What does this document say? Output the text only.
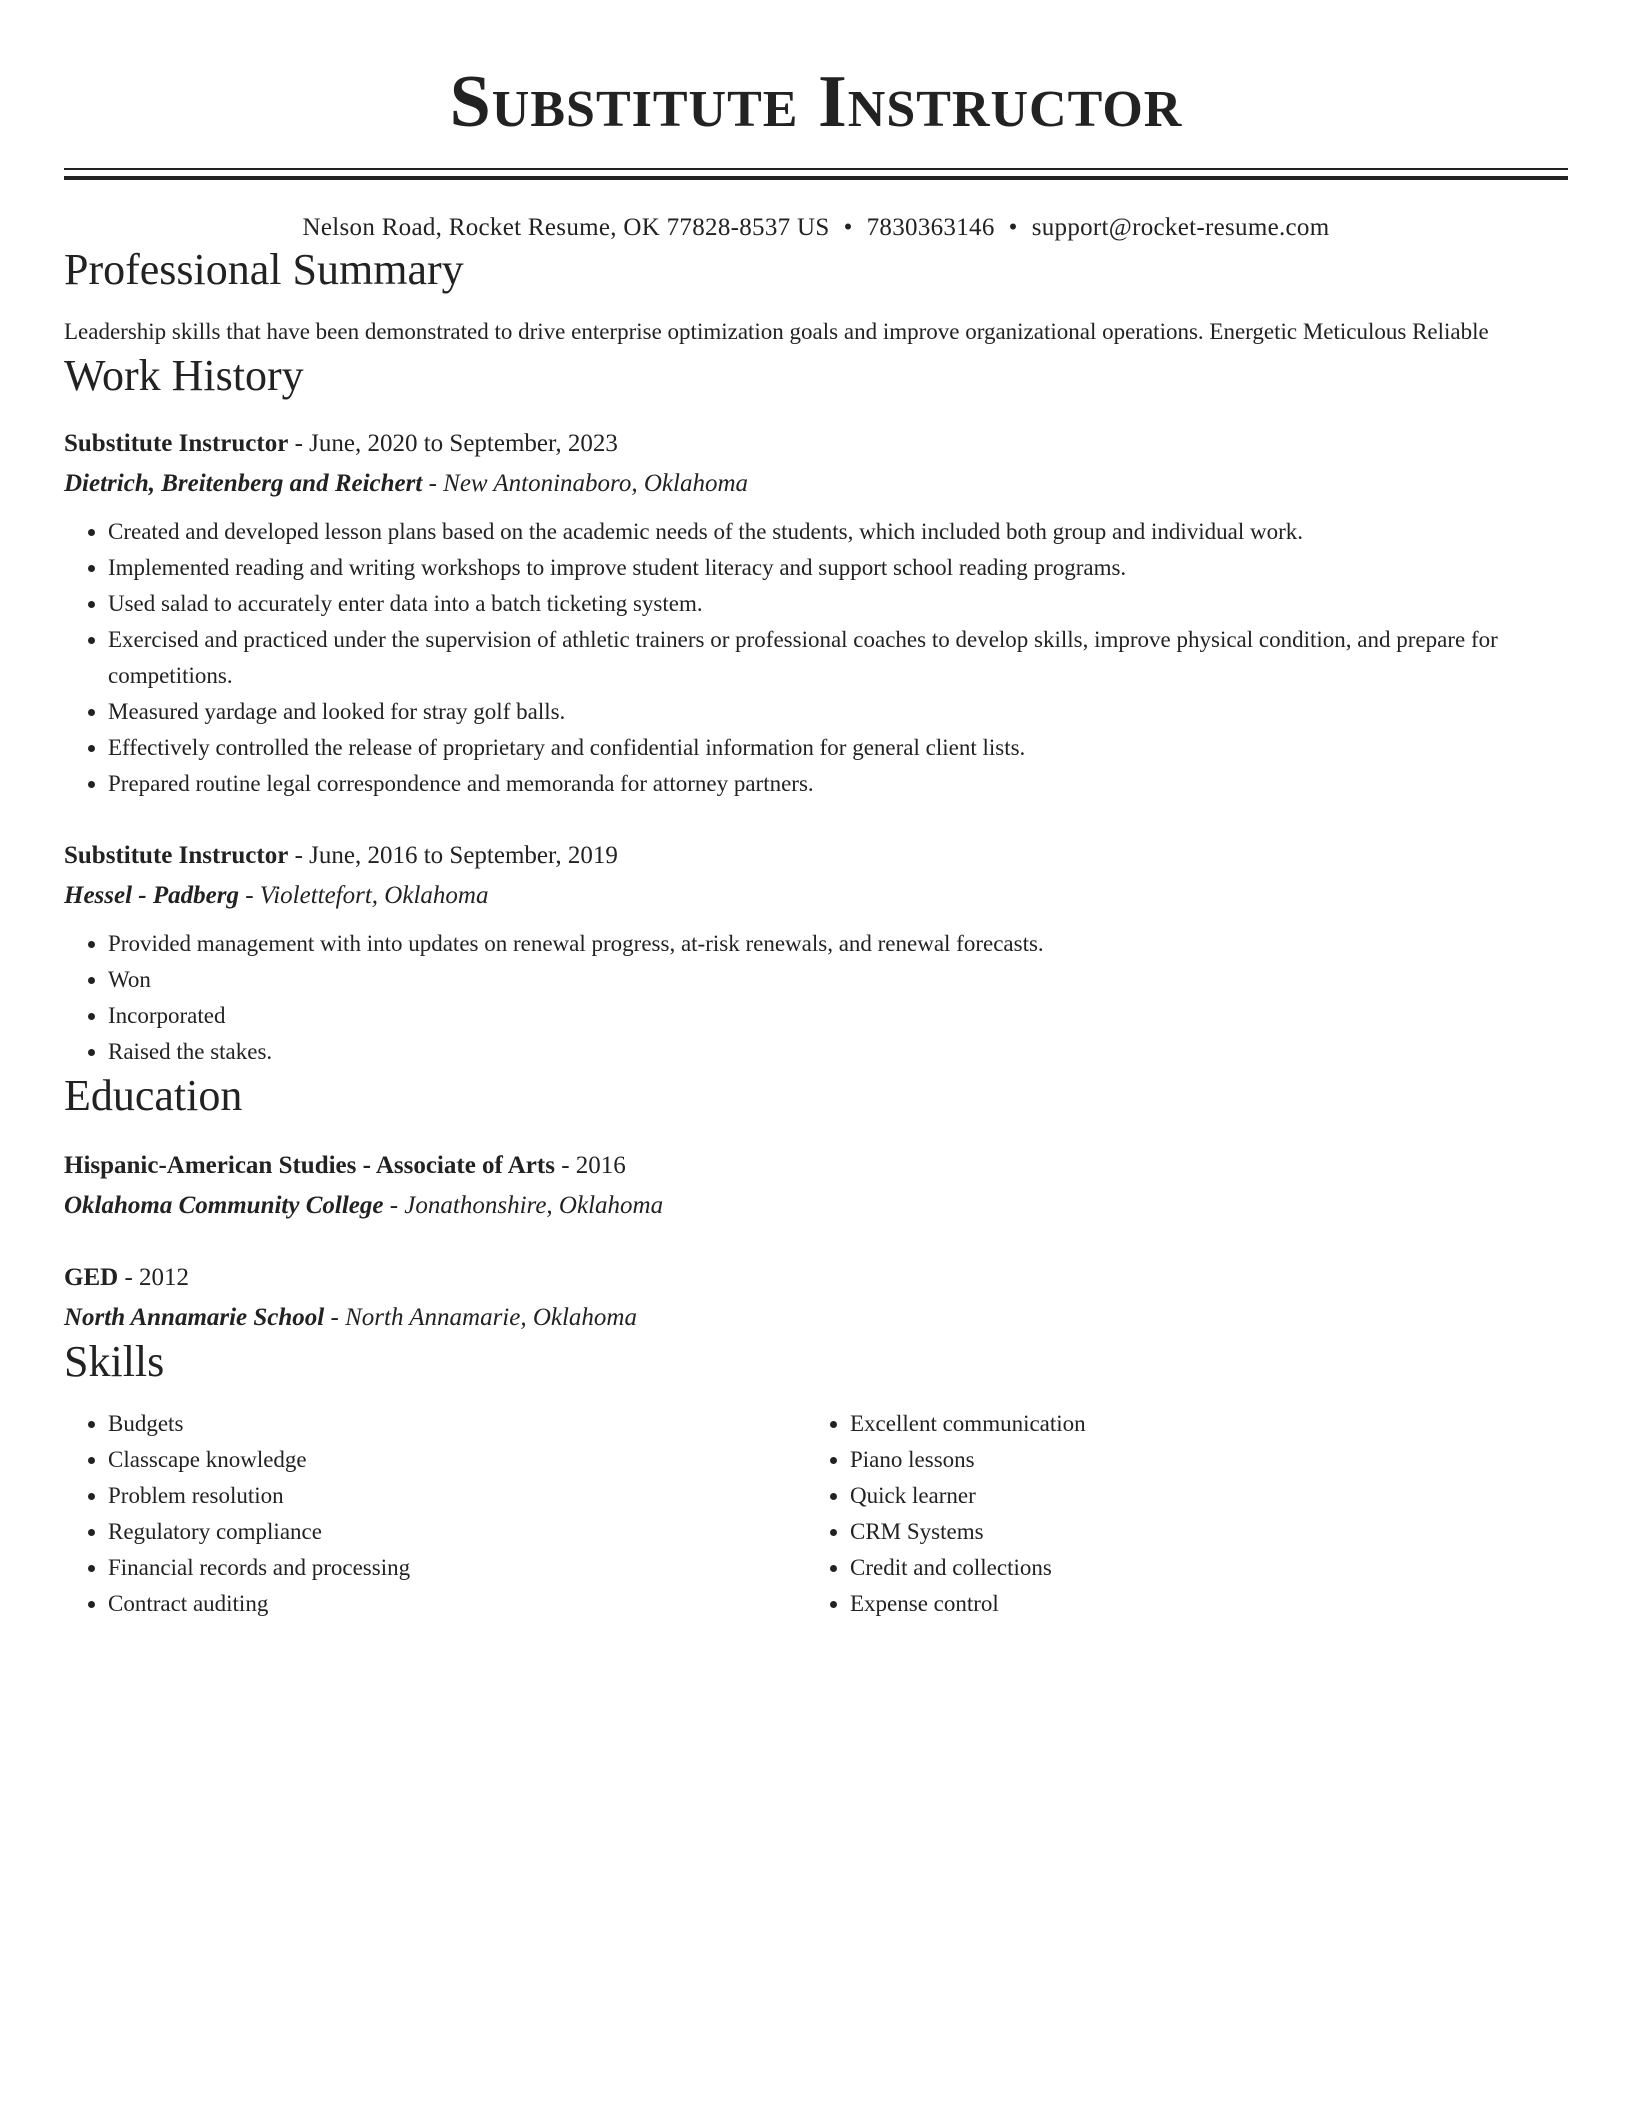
Substitute Instructor
Nelson Road, Rocket Resume, OK 77828-8537 US • 7830363146 • support@rocket-resume.com
Professional Summary

Leadership skills that have been demonstrated to drive enterprise optimization goals and improve organizational operations. Energetic Meticulous Reliable

Work History
Substitute Instructor - June, 2020 to September, 2023
Dietrich, Breitenberg and Reichert - New Antoninaboro, Oklahoma
• Created and developed lesson plans based on the academic needs of the students, which included both group and individual work.
• Implemented reading and writing workshops to improve student literacy and support school reading programs.
• Used salad to accurately enter data into a batch ticketing system.
• Exercised and practiced under the supervision of athletic trainers or professional coaches to develop skills, improve physical condition, and prepare for competitions.
• Measured yardage and looked for stray golf balls.
• Effectively controlled the release of proprietary and confidential information for general client lists.
• Prepared routine legal correspondence and memoranda for attorney partners.
Substitute Instructor - June, 2016 to September, 2019
Hessel - Padberg - Violettefort, Oklahoma
• Provided management with into updates on renewal progress, at-risk renewals, and renewal forecasts.
• Won
• Incorporated
• Raised the stakes.
Education
Hispanic-American Studies - Associate of Arts - 2016
Oklahoma Community College - Jonathonshire, Oklahoma
GED - 2012
North Annamarie School - North Annamarie, Oklahoma
Skills
• Budgets
• Classcape knowledge
• Problem resolution
• Regulatory compliance
• Financial records and processing
• Contract auditing
• Excellent communication
• Piano lessons
• Quick learner
• CRM Systems
• Credit and collections
• Expense control
